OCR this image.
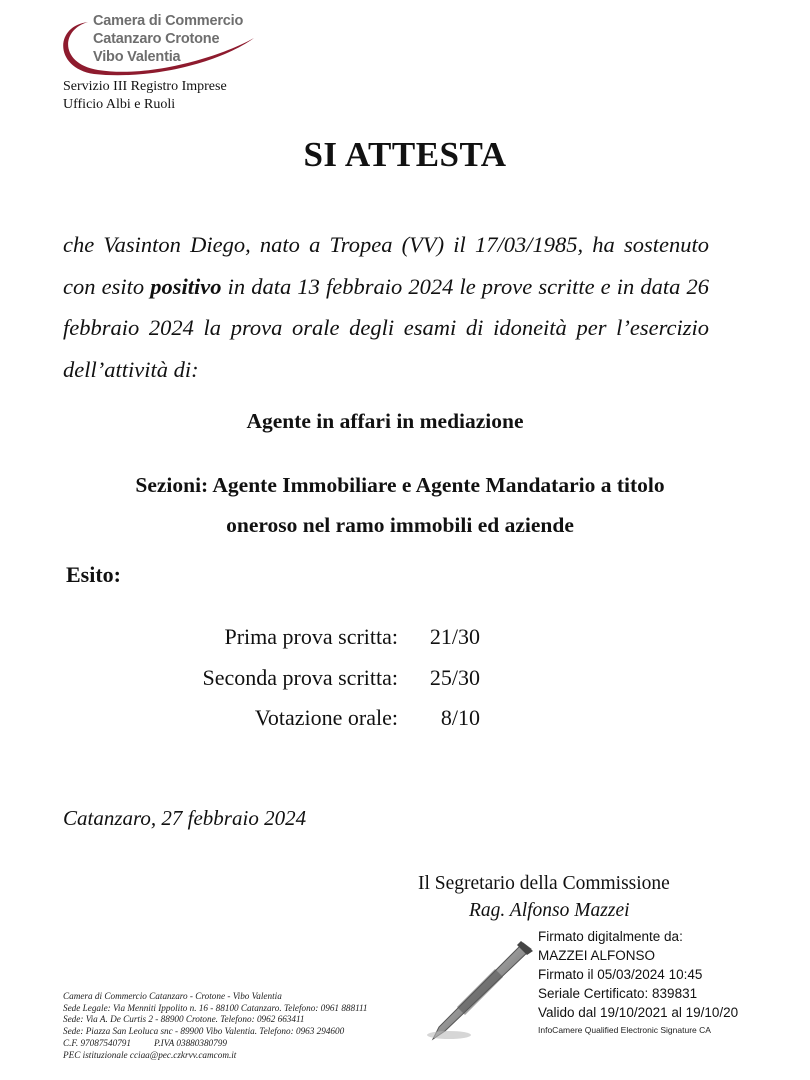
Camera di Commercio
Catanzaro Crotone
Vibo Valentia
Servizio III Registro Imprese
Ufficio Albi e Ruoli
SI ATTESTA
che Vasinton Diego, nato a Tropea (VV) il 17/03/1985, ha sostenuto con esito positivo in data 13 febbraio 2024 le prove scritte e in data 26 febbraio 2024 la prova orale degli esami di idoneità per l’esercizio dell’attività di:
Agente in affari in mediazione
Sezioni: Agente Immobiliare e Agente Mandatario a titolo
oneroso nel ramo immobili ed aziende
Esito:
Prima prova scritta: 21/30
Seconda prova scritta: 25/30
Votazione orale: 8/10
Catanzaro, 27 febbraio 2024
Il Segretario della Commissione
Rag. Alfonso Mazzei
Firmato digitalmente da:
MAZZEI ALFONSO
Firmato il 05/03/2024 10:45
Seriale Certificato: 839831
Valido dal 19/10/2021 al 19/10/20
InfoCamere Qualified Electronic Signature CA
Camera di Commercio Catanzaro - Crotone - Vibo Valentia
Sede Legale: Via Menniti Ippolito n. 16 - 88100 Catanzaro. Telefono: 0961 888111
Sede: Via A. De Curtis 2 - 88900 Crotone. Telefono: 0962 663411
Sede: Piazza San Leoluca snc - 89900 Vibo Valentia. Telefono: 0963 294600
C.F. 97087540791          P.IVA 03880380799
PEC istituzionale cciaa@pec.czkrvv.camcom.it
